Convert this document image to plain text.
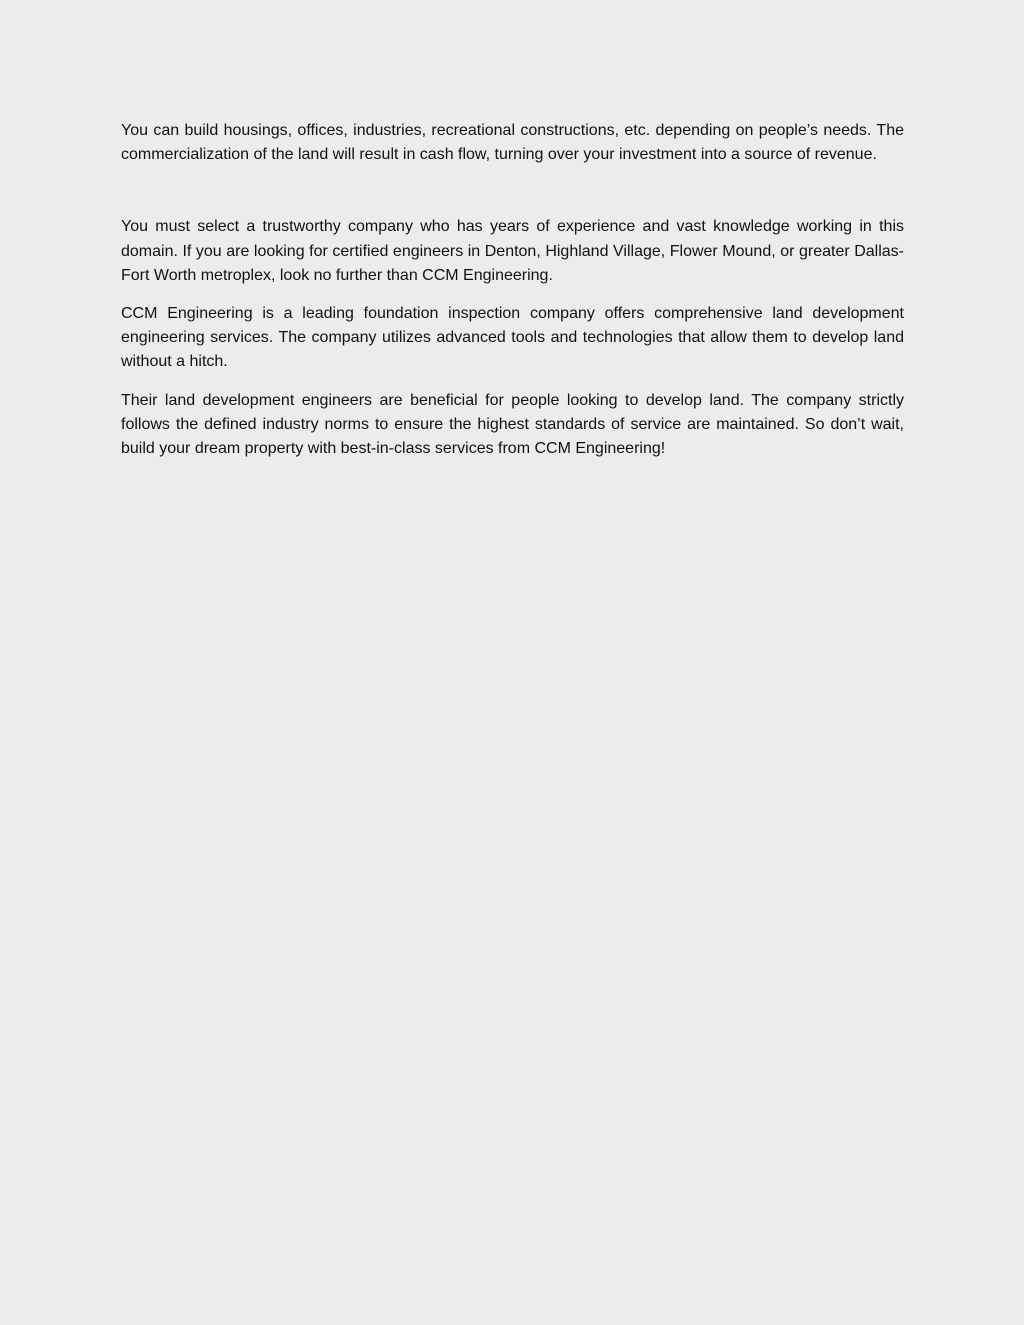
You can build housings, offices, industries, recreational constructions, etc. depending on people’s needs. The commercialization of the land will result in cash flow, turning over your investment into a source of revenue.

You must select a trustworthy company who has years of experience and vast knowledge working in this domain. If you are looking for certified engineers in Denton, Highland Village, Flower Mound, or greater Dallas-Fort Worth metroplex, look no further than CCM Engineering.

CCM Engineering is a leading foundation inspection company offers comprehensive land development engineering services. The company utilizes advanced tools and technologies that allow them to develop land without a hitch.

Their land development engineers are beneficial for people looking to develop land. The company strictly follows the defined industry norms to ensure the highest standards of service are maintained. So don’t wait, build your dream property with best-in-class services from CCM Engineering!
